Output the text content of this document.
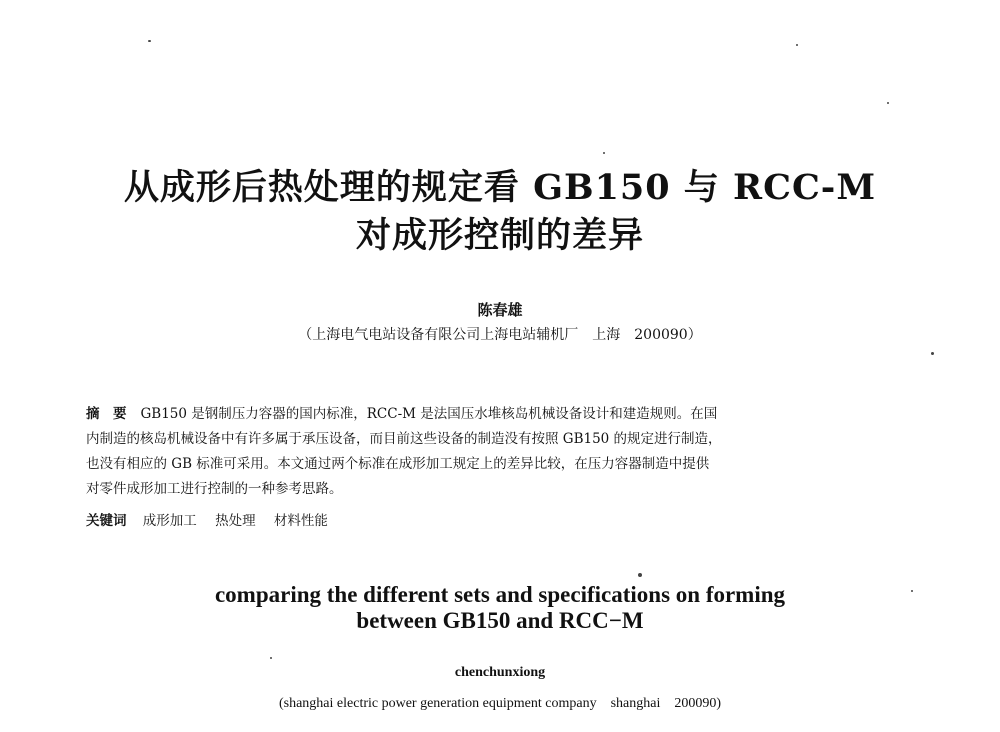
从成形后热处理的规定看 GB150 与 RCC-M
对成形控制的差异
陈春雄
（上海电气电站设备有限公司上海电站辅机厂　上海　200090）
摘　要 GB150 是钢制压力容器的国内标准，RCC-M 是法国压水堆核岛机械设备设计和建造规则。在国
内制造的核岛机械设备中有许多属于承压设备，而目前这些设备的制造没有按照 GB150 的规定进行制造，
也没有相应的 GB 标准可采用。本文通过两个标准在成形加工规定上的差异比较，在压力容器制造中提供
对零件成形加工进行控制的一种参考思路。
关键词 成形加工 热处理 材料性能
comparing the different sets and specifications on forming
between GB150 and RCC−M
chenchunxiong
(shanghai electric power generation equipment company　shanghai　200090)
